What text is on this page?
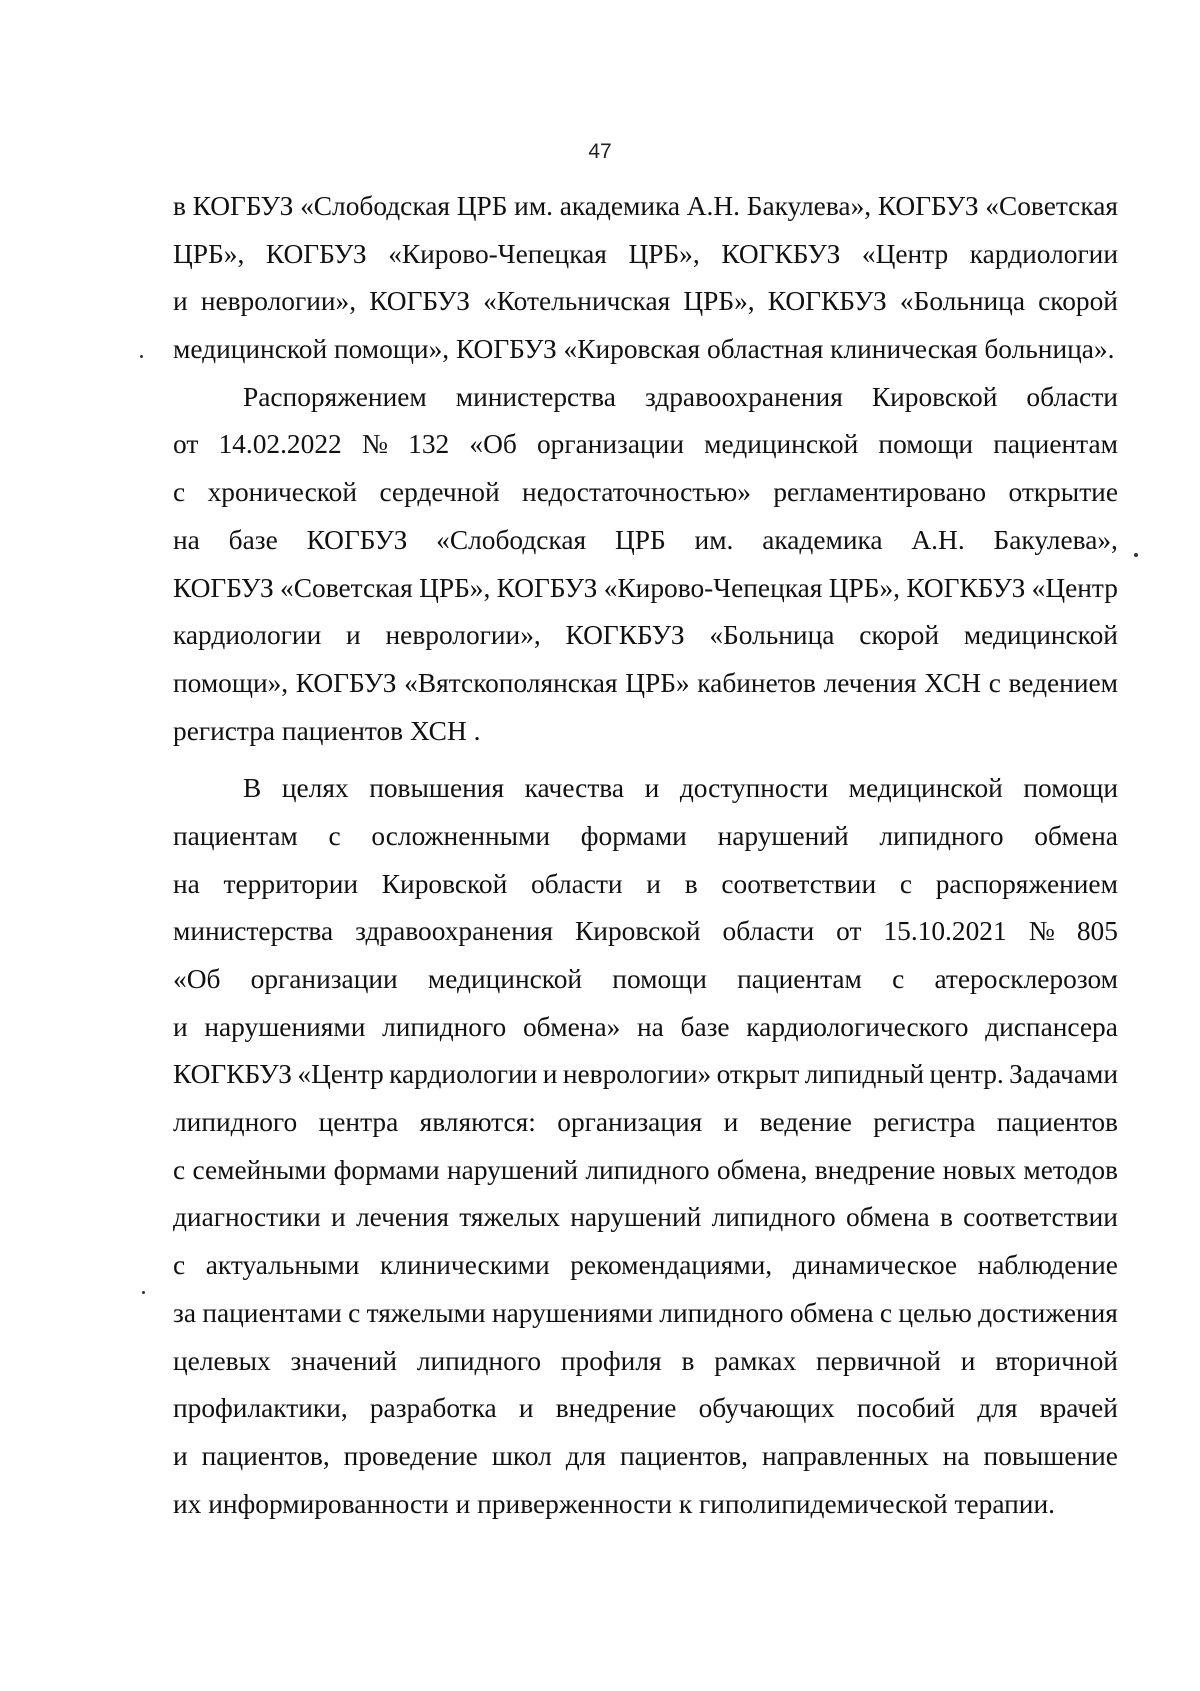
47
в КОГБУЗ «Слободская ЦРБ им. академика А.Н. Бакулева», КОГБУЗ «Советская
ЦРБ», КОГБУЗ «Кирово-Чепецкая ЦРБ», КОГКБУЗ «Центр кардиологии
и неврологии», КОГБУЗ «Котельничская ЦРБ», КОГКБУЗ «Больница скорой
медицинской помощи», КОГБУЗ «Кировская областная клиническая больница».
Распоряжением министерства здравоохранения Кировской области
от 14.02.2022 № 132 «Об организации медицинской помощи пациентам
с хронической сердечной недостаточностью» регламентировано открытие
на базе КОГБУЗ «Слободская ЦРБ им. академика А.Н. Бакулева»,
КОГБУЗ «Советская ЦРБ», КОГБУЗ «Кирово-Чепецкая ЦРБ», КОГКБУЗ «Центр
кардиологии и неврологии», КОГКБУЗ «Больница скорой медицинской
помощи», КОГБУЗ «Вятскополянская ЦРБ» кабинетов лечения ХСН с ведением
регистра пациентов ХСН .
В целях повышения качества и доступности медицинской помощи
пациентам с осложненными формами нарушений липидного обмена
на территории Кировской области и в соответствии с распоряжением
министерства здравоохранения Кировской области от 15.10.2021 № 805
«Об организации медицинской помощи пациентам с атеросклерозом
и нарушениями липидного обмена» на базе кардиологического диспансера
КОГКБУЗ «Центр кардиологии и неврологии» открыт липидный центр. Задачами
липидного центра являются: организация и ведение регистра пациентов
с семейными формами нарушений липидного обмена, внедрение новых методов
диагностики и лечения тяжелых нарушений липидного обмена в соответствии
с актуальными клиническими рекомендациями, динамическое наблюдение
за пациентами с тяжелыми нарушениями липидного обмена с целью достижения
целевых значений липидного профиля в рамках первичной и вторичной
профилактики, разработка и внедрение обучающих пособий для врачей
и пациентов, проведение школ для пациентов, направленных на повышение
их информированности и приверженности к гиполипидемической терапии.
